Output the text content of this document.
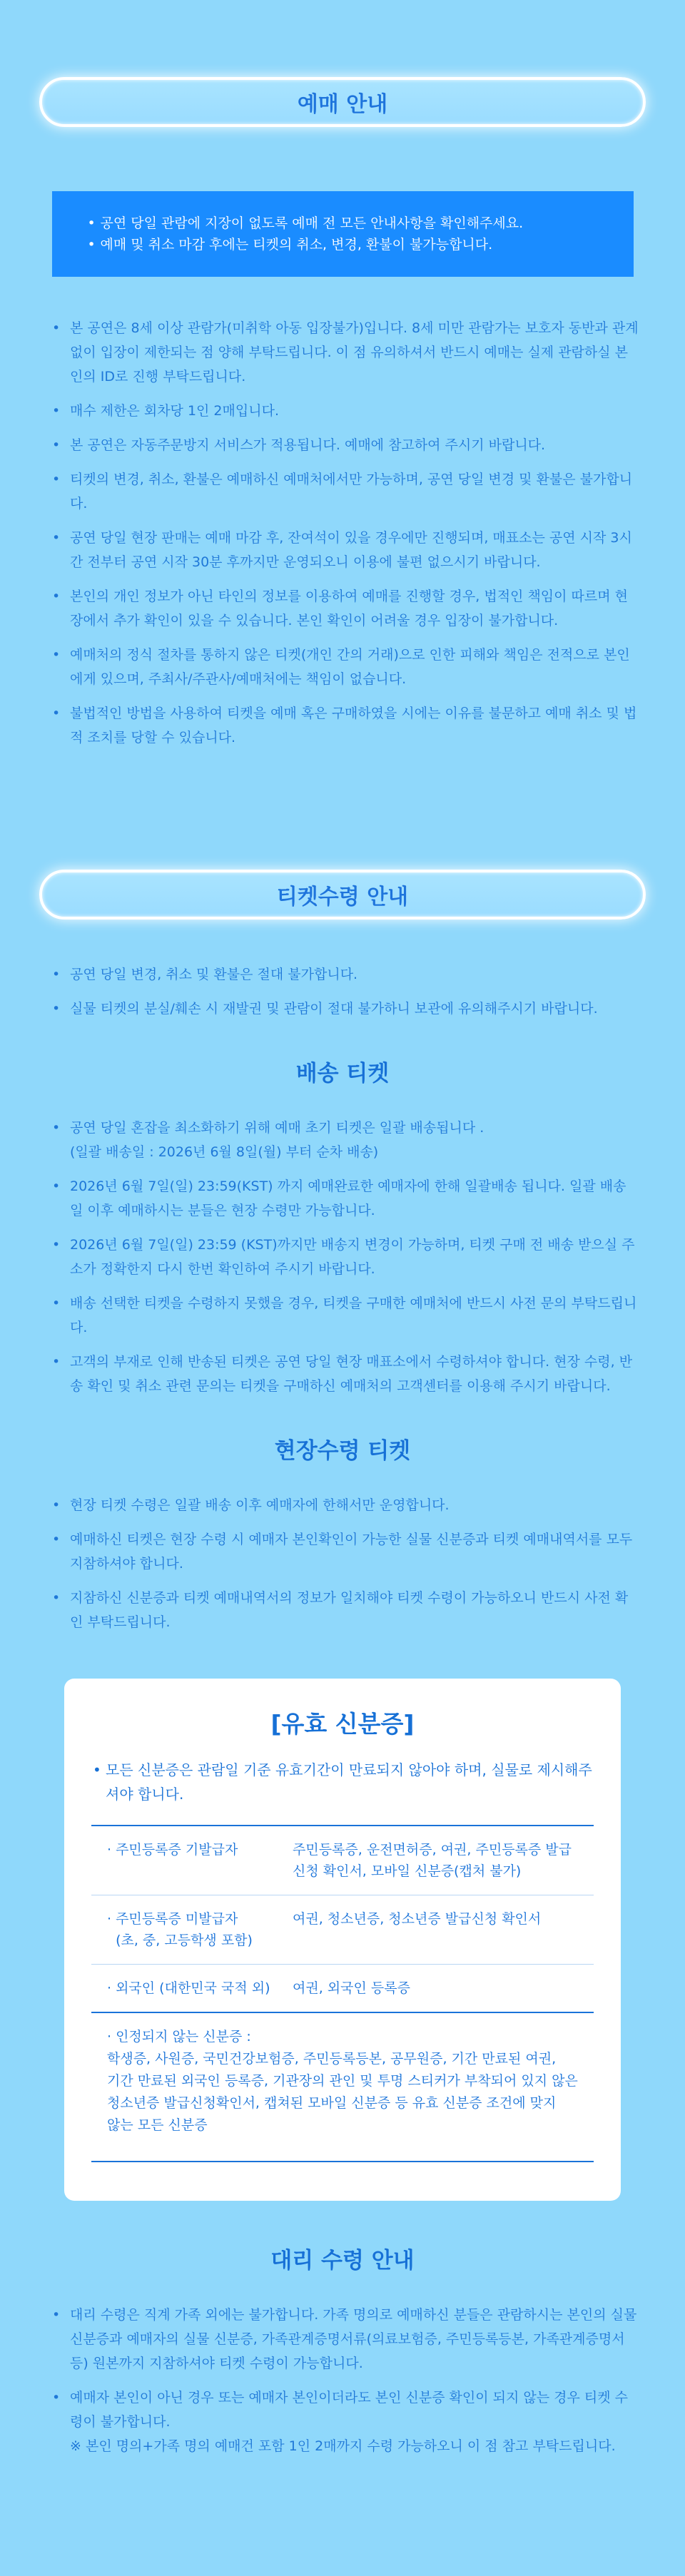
예매 안내
• 공연 당일 관람에 지장이 없도록 예매 전 모든 안내사항을 확인해주세요.
• 예매 및 취소 마감 후에는 티켓의 취소, 변경, 환불이 불가능합니다.
• 본 공연은 8세 이상 관람가(미취학 아동 입장불가)입니다. 8세 미만 관람가는 보호자 동반과 관계없이 입장이 제한되는 점 양해 부탁드립니다. 이 점 유의하셔서 반드시 예매는 실제 관람하실 본인의 ID로 진행 부탁드립니다.
• 매수 제한은 회차당 1인 2매입니다.
• 본 공연은 자동주문방지 서비스가 적용됩니다. 예매에 참고하여 주시기 바랍니다.
• 티켓의 변경, 취소, 환불은 예매하신 예매처에서만 가능하며, 공연 당일 변경 및 환불은 불가합니다.
• 공연 당일 현장 판매는 예매 마감 후, 잔여석이 있을 경우에만 진행되며, 매표소는 공연 시작 3시간 전부터 공연 시작 30분 후까지만 운영되오니 이용에 불편 없으시기 바랍니다.
• 본인의 개인 정보가 아닌 타인의 정보를 이용하여 예매를 진행할 경우, 법적인 책임이 따르며 현장에서 추가 확인이 있을 수 있습니다. 본인 확인이 어려울 경우 입장이 불가합니다.
• 예매처의 정식 절차를 통하지 않은 티켓(개인 간의 거래)으로 인한 피해와 책임은 전적으로 본인에게 있으며, 주최사/주관사/예매처에는 책임이 없습니다.
• 불법적인 방법을 사용하여 티켓을 예매 혹은 구매하였을 시에는 이유를 불문하고 예매 취소 및 법적 조치를 당할 수 있습니다.
티켓수령 안내
• 공연 당일 변경, 취소 및 환불은 절대 불가합니다.
• 실물 티켓의 분실/훼손 시 재발권 및 관람이 절대 불가하니 보관에 유의해주시기 바랍니다.
배송 티켓
• 공연 당일 혼잡을 최소화하기 위해 예매 초기 티켓은 일괄 배송됩니다 .
(일괄 배송일 : 2026년 6월 8일(월) 부터 순차 배송)
• 2026년 6월 7일(일) 23:59(KST) 까지 예매완료한 예매자에 한해 일괄배송 됩니다. 일괄 배송일 이후 예매하시는 분들은 현장 수령만 가능합니다.
• 2026년 6월 7일(일) 23:59 (KST)까지만 배송지 변경이 가능하며, 티켓 구매 전 배송 받으실 주소가 정확한지 다시 한번 확인하여 주시기 바랍니다.
• 배송 선택한 티켓을 수령하지 못했을 경우, 티켓을 구매한 예매처에 반드시 사전 문의 부탁드립니다.
• 고객의 부재로 인해 반송된 티켓은 공연 당일 현장 매표소에서 수령하셔야 합니다. 현장 수령, 반송 확인 및 취소 관련 문의는 티켓을 구매하신 예매처의 고객센터를 이용해 주시기 바랍니다.
현장수령 티켓
• 현장 티켓 수령은 일괄 배송 이후 예매자에 한해서만 운영합니다.
• 예매하신 티켓은 현장 수령 시 예매자 본인확인이 가능한 실물 신분증과 티켓 예매내역서를 모두 지참하셔야 합니다.
• 지참하신 신분증과 티켓 예매내역서의 정보가 일치해야 티켓 수령이 가능하오니 반드시 사전 확인 부탁드립니다.
[유효 신분증]
• 모든 신분증은 관람일 기준 유효기간이 만료되지 않아야 하며, 실물로 제시해주셔야 합니다.
· 주민등록증 기발급자	주민등록증, 운전면허증, 여권, 주민등록증 발급 신청 확인서, 모바일 신분증(캡처 불가)
· 주민등록증 미발급자
(초, 중, 고등학생 포함)
여권, 청소년증, 청소년증 발급신청 확인서
· 외국인 (대한민국 국적 외)	여권, 외국인 등록증
· 인정되지 않는 신분증 :
학생증, 사원증, 국민건강보험증, 주민등록등본, 공무원증, 기간 만료된 여권,
기간 만료된 외국인 등록증, 기관장의 관인 및 투명 스티커가 부착되어 있지 않은
청소년증 발급신청확인서, 캡쳐된 모바일 신분증 등 유효 신분증 조건에 맞지
않는 모든 신분증
대리 수령 안내
• 대리 수령은 직계 가족 외에는 불가합니다. 가족 명의로 예매하신 분들은 관람하시는 본인의 실물 신분증과 예매자의 실물 신분증, 가족관계증명서류(의료보험증, 주민등록등본, 가족관계증명서 등) 원본까지 지참하셔야 티켓 수령이 가능합니다.
• 예매자 본인이 아닌 경우 또는 예매자 본인이더라도 본인 신분증 확인이 되지 않는 경우 티켓 수령이 불가합니다.
※ 본인 명의+가족 명의 예매건 포함 1인 2매까지 수령 가능하오니 이 점 참고 부탁드립니다.
